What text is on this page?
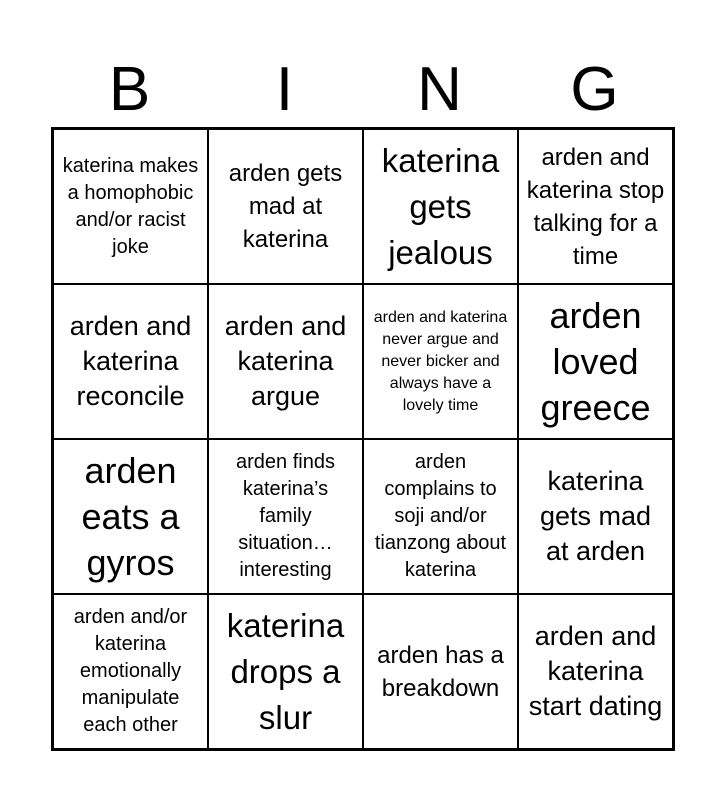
B	I	N	G
katerina makes a homophobic and/or racist joke
arden gets mad at katerina
katerina gets jealous
arden and katerina stop talking for a time
arden and katerina reconcile
arden and katerina argue
arden and katerina never argue and never bicker and always have a lovely time
arden loved greece
arden eats a gyros
arden finds katerina’s family situation… interesting
arden complains to soji and/or tianzong about katerina
katerina gets mad at arden
arden and/or katerina emotionally manipulate each other
katerina drops a slur
arden has a breakdown
arden and katerina start dating
